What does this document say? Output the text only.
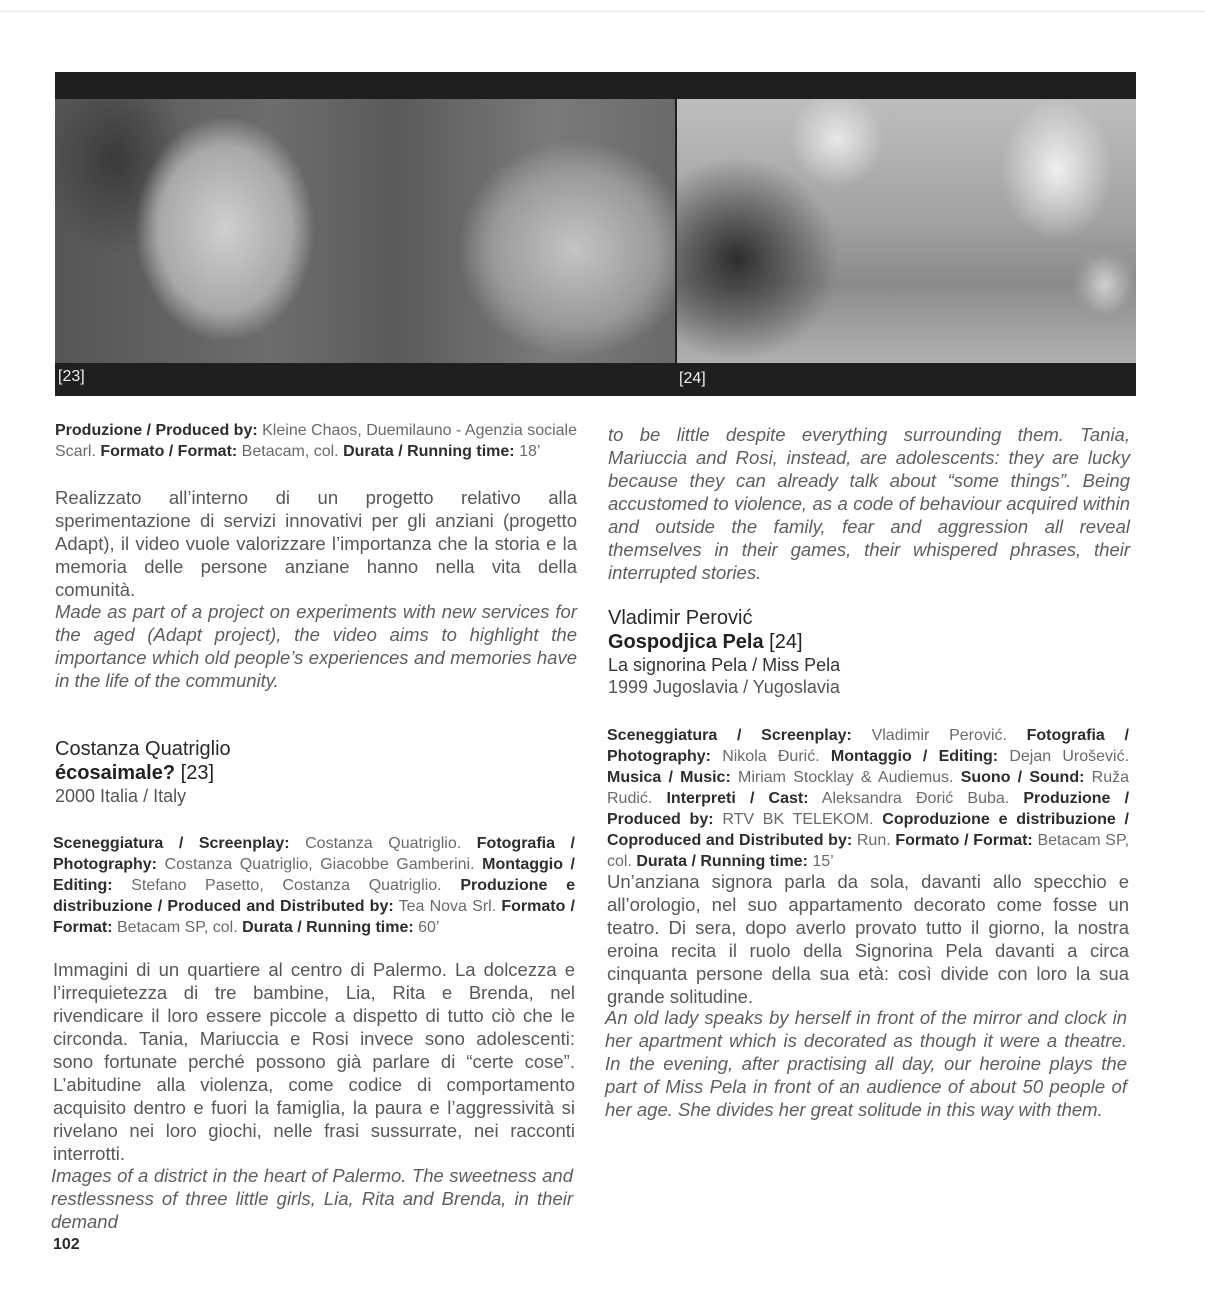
[23]	[24]
Produzione / Produced by: Kleine Chaos, Duemilauno - Agenzia sociale Scarl. Formato / Format: Betacam, col. Durata / Running time: 18’
Realizzato all’interno di un progetto relativo alla sperimentazione di servizi innovativi per gli anziani (progetto Adapt), il video vuole valorizzare l’importanza che la storia e la memoria delle persone anziane hanno nella vita della comunità.
Made as part of a project on experiments with new services for the aged (Adapt project), the video aims to highlight the importance which old people’s experiences and memories have in the life of the community.
Costanza Quatriglio
écosaimale? [23]
2000 Italia / Italy
Sceneggiatura / Screenplay: Costanza Quatriglio. Fotografia / Photography: Costanza Quatriglio, Giacobbe Gamberini. Montaggio / Editing: Stefano Pasetto, Costanza Quatriglio. Produzione e distribuzione / Produced and Distributed by: Tea Nova Srl. Formato / Format: Betacam SP, col. Durata / Running time: 60’
Immagini di un quartiere al centro di Palermo. La dolcezza e l’irrequietezza di tre bambine, Lia, Rita e Brenda, nel rivendicare il loro essere piccole a dispetto di tutto ciò che le circonda. Tania, Mariuccia e Rosi invece sono adolescenti: sono fortunate perché possono già parlare di “certe cose”. L’abitudine alla violenza, come codice di comportamento acquisito dentro e fuori la famiglia, la paura e l’aggressività si rivelano nei loro giochi, nelle frasi sussurrate, nei racconti interrotti.
Images of a district in the heart of Palermo. The sweetness and restlessness of three little girls, Lia, Rita and Brenda, in their demand
102
to be little despite everything surrounding them. Tania, Mariuccia and Rosi, instead, are adolescents: they are lucky because they can already talk about “some things”. Being accustomed to violence, as a code of behaviour acquired within and outside the family, fear and aggression all reveal themselves in their games, their whispered phrases, their interrupted stories.
Vladimir Perović
Gospodjica Pela [24]
La signorina Pela / Miss Pela
1999 Jugoslavia / Yugoslavia
Sceneggiatura / Screenplay: Vladimir Perović. Fotografia / Photography: Nikola Ðurić. Montaggio / Editing: Dejan Urošević. Musica / Music: Miriam Stocklay & Audiemus. Suono / Sound: Ruža Rudić. Interpreti / Cast: Aleksandra Ðorić Buba. Produzione / Produced by: RTV BK TELEKOM. Coproduzione e distribuzione / Coproduced and Distributed by: Run. Formato / Format: Betacam SP, col. Durata / Running time: 15’
Un’anziana signora parla da sola, davanti allo specchio e all’orologio, nel suo appartamento decorato come fosse un teatro. Di sera, dopo averlo provato tutto il giorno, la nostra eroina recita il ruolo della Signorina Pela davanti a circa cinquanta persone della sua età: così divide con loro la sua grande solitudine.
An old lady speaks by herself in front of the mirror and clock in her apartment which is decorated as though it were a theatre. In the evening, after practising all day, our heroine plays the part of Miss Pela in front of an audience of about 50 people of her age. She divides her great solitude in this way with them.
